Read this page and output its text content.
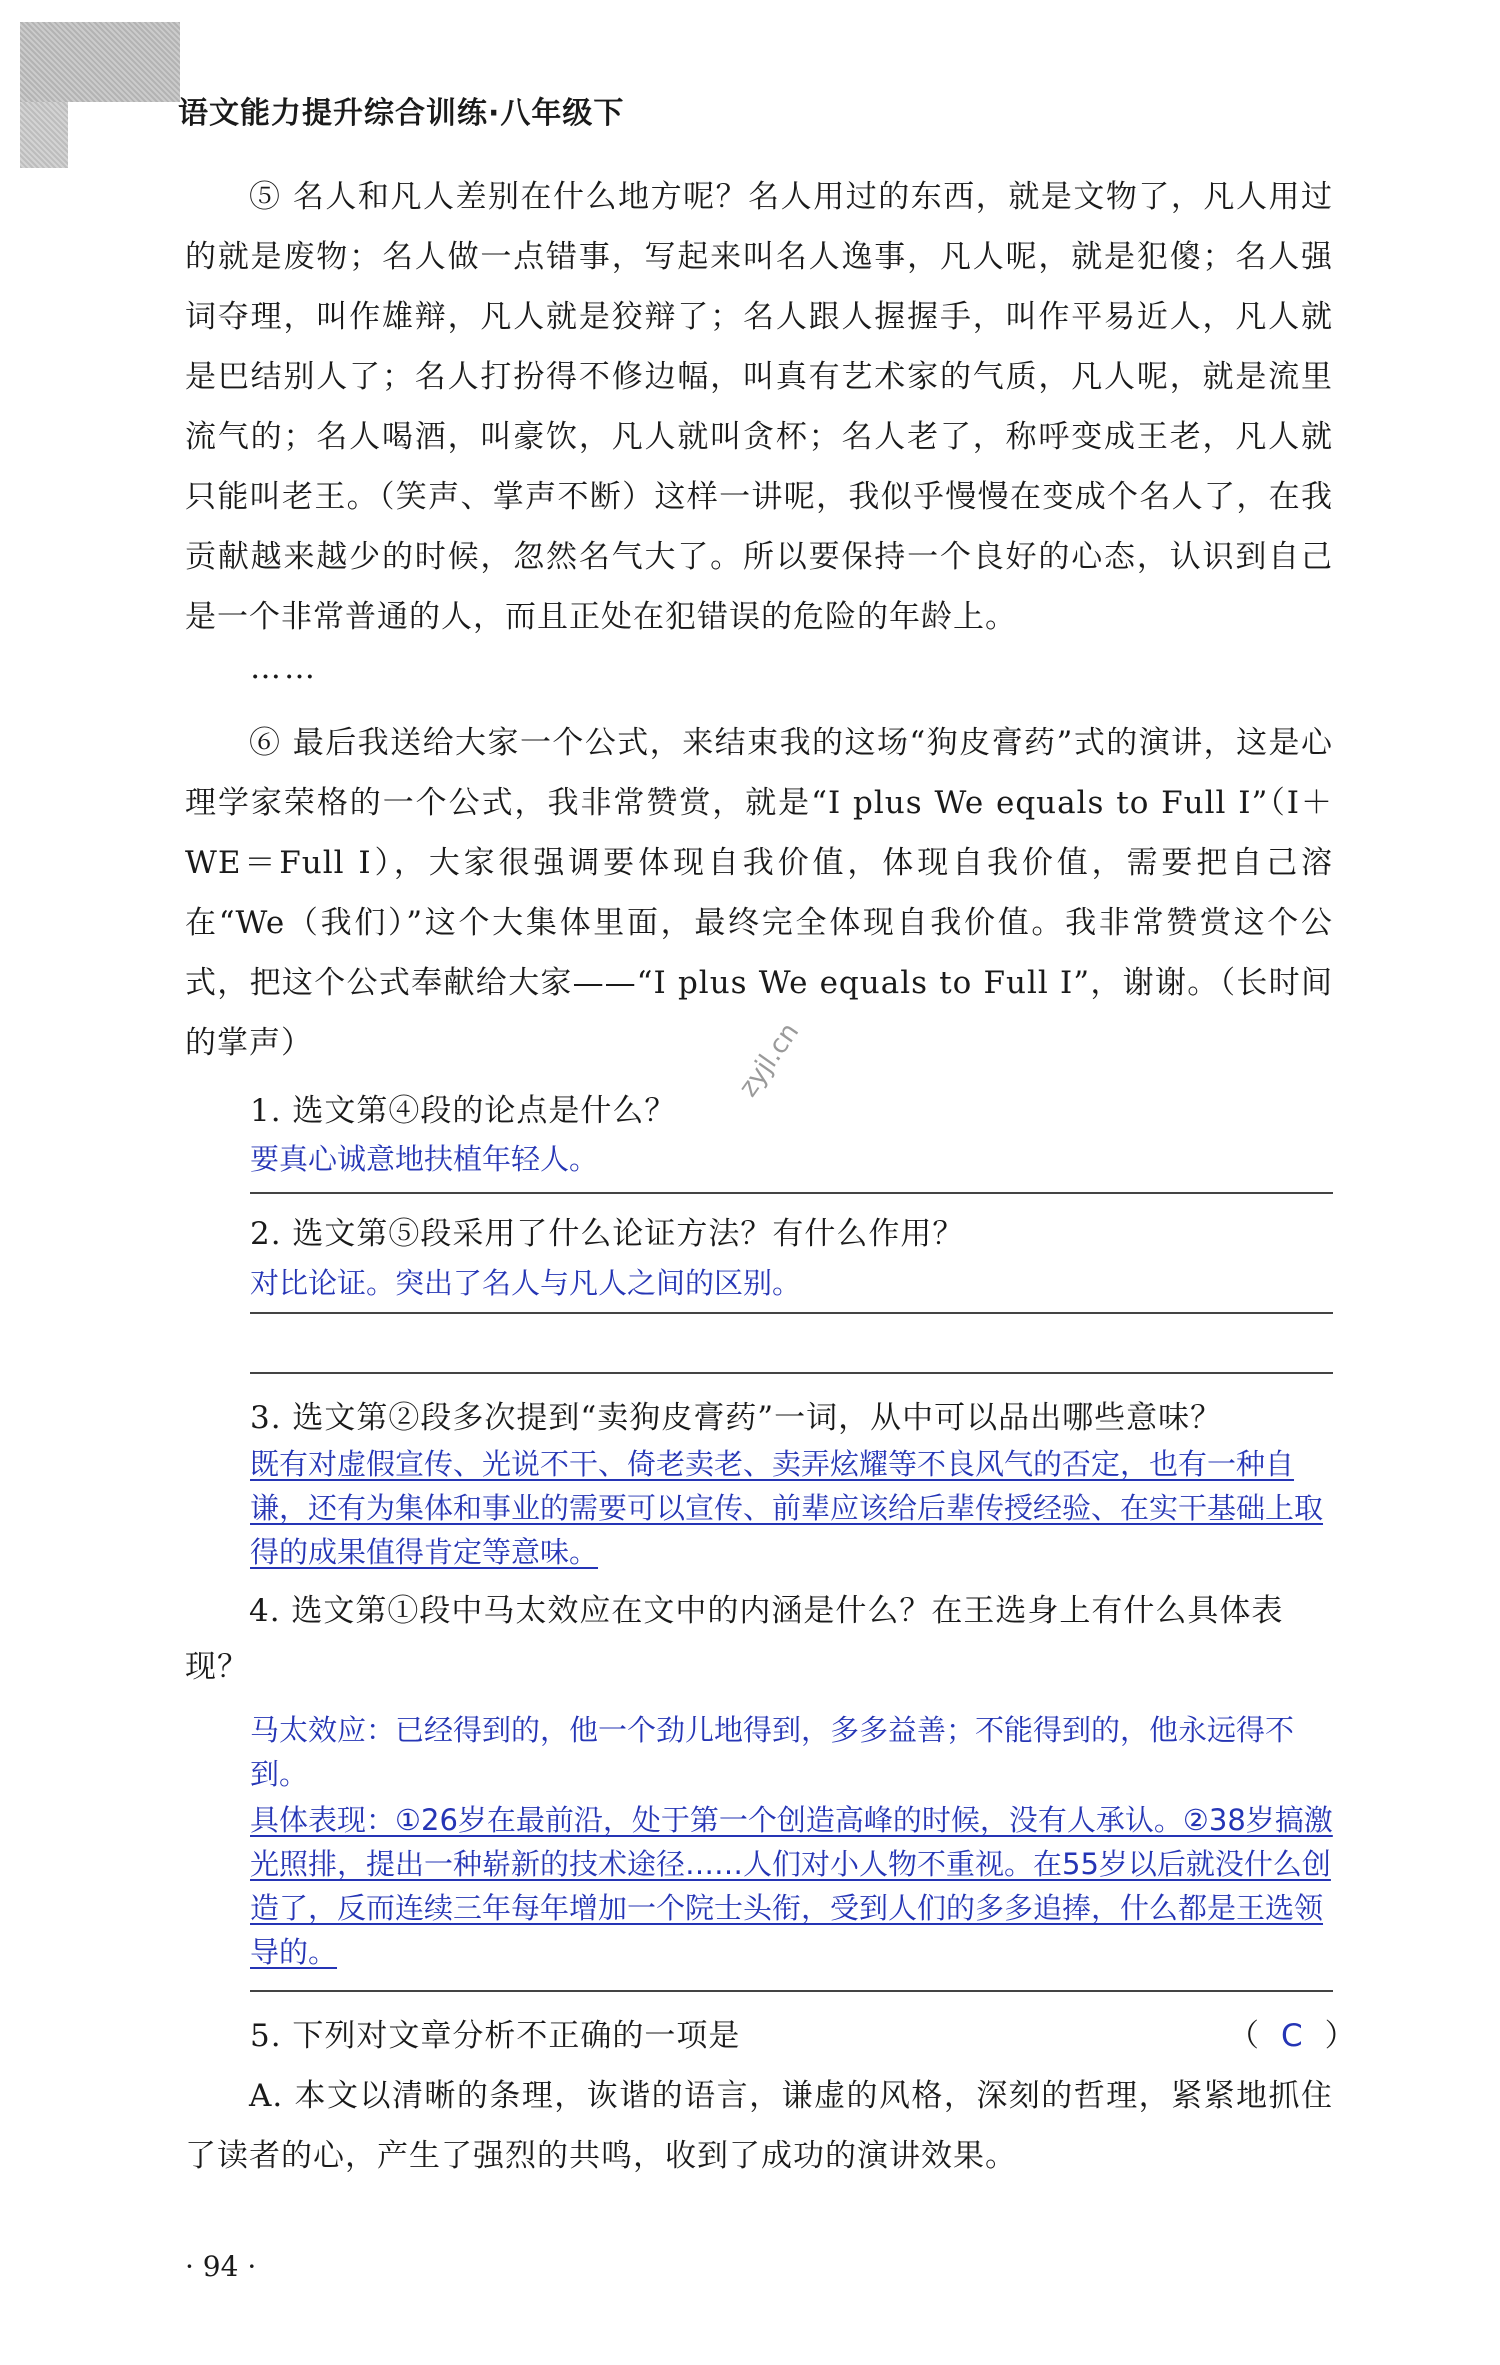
语文能力提升综合训练·八年级下
⑤ 名人和凡人差别在什么地方呢？名人用过的东西，就是文物了，凡人用过的就是废物；名人做一点错事，写起来叫名人逸事，凡人呢，就是犯傻；名人强词夺理，叫作雄辩，凡人就是狡辩了；名人跟人握握手，叫作平易近人，凡人就是巴结别人了；名人打扮得不修边幅，叫真有艺术家的气质，凡人呢，就是流里流气的；名人喝酒，叫豪饮，凡人就叫贪杯；名人老了，称呼变成王老，凡人就只能叫老王。（笑声、掌声不断）这样一讲呢，我似乎慢慢在变成个名人了，在我贡献越来越少的时候，忽然名气大了。所以要保持一个良好的心态，认识到自己是一个非常普通的人，而且正处在犯错误的危险的年龄上。
……
⑥ 最后我送给大家一个公式，来结束我的这场“狗皮膏药”式的演讲，这是心理学家荣格的一个公式，我非常赞赏，就是“I plus We equals to Full I”（I＋WE＝Full I），大家很强调要体现自我价值，体现自我价值，需要把自己溶在“We（我们）”这个大集体里面，最终完全体现自我价值。我非常赞赏这个公式，把这个公式奉献给大家——“I plus We equals to Full I”，谢谢。（长时间的掌声）	zyjl.cn
1. 选文第④段的论点是什么？
要真心诚意地扶植年轻人。
2. 选文第⑤段采用了什么论证方法？有什么作用？
对比论证。突出了名人与凡人之间的区别。
3. 选文第②段多次提到“卖狗皮膏药”一词，从中可以品出哪些意味？
既有对虚假宣传、光说不干、倚老卖老、卖弄炫耀等不良风气的否定，也有一种自谦，还有为集体和事业的需要可以宣传、前辈应该给后辈传授经验、在实干基础上取得的成果值得肯定等意味。
4. 选文第①段中马太效应在文中的内涵是什么？在王选身上有什么具体表现？
马太效应：已经得到的，他一个劲儿地得到，多多益善；不能得到的，他永远得不到。
具体表现：①26岁在最前沿，处于第一个创造高峰的时候，没有人承认。②38岁搞激光照排，提出一种崭新的技术途径……人们对小人物不重视。在55岁以后就没什么创造了，反而连续三年每年增加一个院士头衔，受到人们的多多追捧，什么都是王选领导的。
5. 下列对文章分析不正确的一项是	（ C ）
A. 本文以清晰的条理，诙谐的语言，谦虚的风格，深刻的哲理，紧紧地抓住了读者的心，产生了强烈的共鸣，收到了成功的演讲效果。
· 94 ·
